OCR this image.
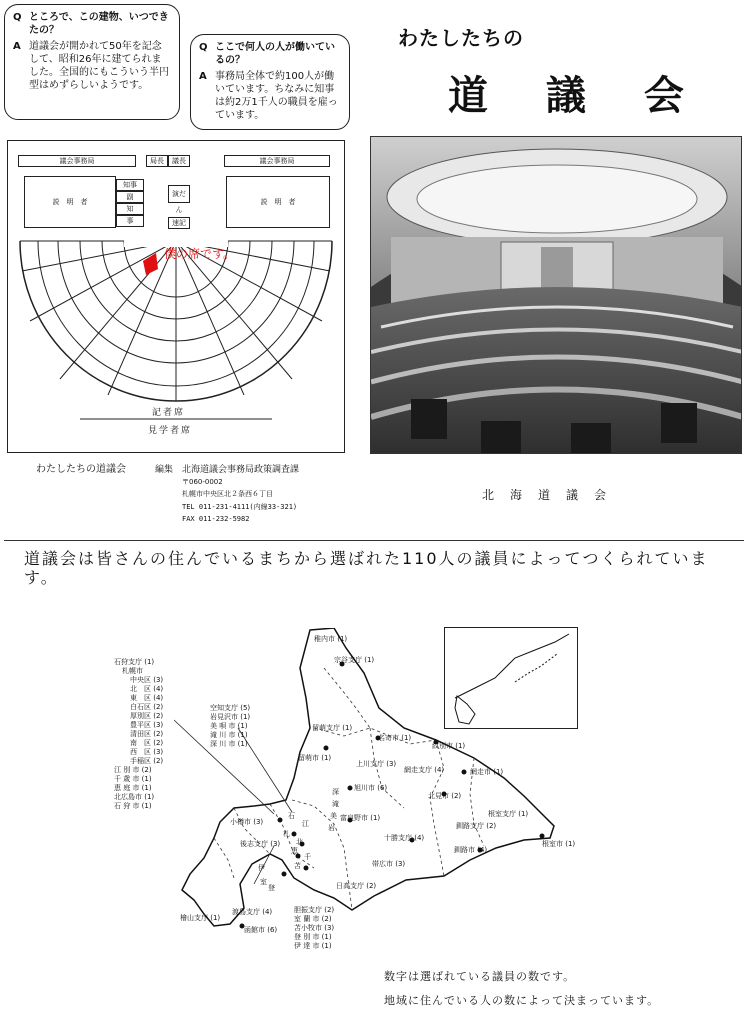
Q ところで、この建物、いつできたの？
A 道議会が開かれて50年を記念して、昭和26年に建てられました。全国的にもこういう半円型はめずらしいようです。
Q ここで何人の人が働いているの？
A 事務局全体で約100人が働いています。ちなみに知事は約2万1千人の職員を雇っています。
わたしたちの
道 議 会
北　海　道　議　会
議会事務局	局長	議長	議会事務局
説　明　者
知事
副
知
事
演だん
速記
説　明　者
僕の席です。
記者席
見学者席
わたしたちの道議会	編集 北海道議会事務局政策調査課
〒060-0002
札幌市中央区北２条西６丁目
TEL 011-231-4111(内線33-321)
FAX 011-232-5982
道議会は皆さんの住んでいるまちから選ばれた110人の議員によってつくられています。
石狩支庁 (1)
札幌市
中央区 (3)
北　区 (4)
東　区 (4)
白石区 (2)
厚別区 (2)
豊平区 (3)
清田区 (2)
南　区 (2)
西　区 (3)
手稲区 (2)
江 別 市 (2)
千 歳 市 (1)
恵 庭 市 (1)
北広島市 (1)
石 狩 市 (1)
空知支庁 (5)
岩見沢市 (1)
美 唄 市 (1)
滝 川 市 (1)
深 川 市 (1)
胆振支庁 (2)
室 蘭 市 (2)
苫小牧市 (3)
登 別 市 (1)
伊 達 市 (1)
稚内市 (1)
宗谷支庁 (1)
留萌支庁 (1)
留萌市 (1)
名寄市 (1)
紋別市 (1)
網走市 (1)
上川支庁 (3)
網走支庁 (4)
旭川市 (6)
北見市 (2)
富良野市 (1)	根室支庁 (1)
小樽市 (3)
後志支庁 (3)
十勝支庁 (4)
釧路支庁 (2)
根室市 (1)
帯広市 (3)
釧路市 (4)
日高支庁 (2)
渡島支庁 (4)
檜山支庁 (1)
函館市 (6)
深
滝
美
岩
石
江
札
北
恵
千
伊
室
苫
登
数字は選ばれている議員の数です。
地域に住んでいる人の数によって決まっています。
